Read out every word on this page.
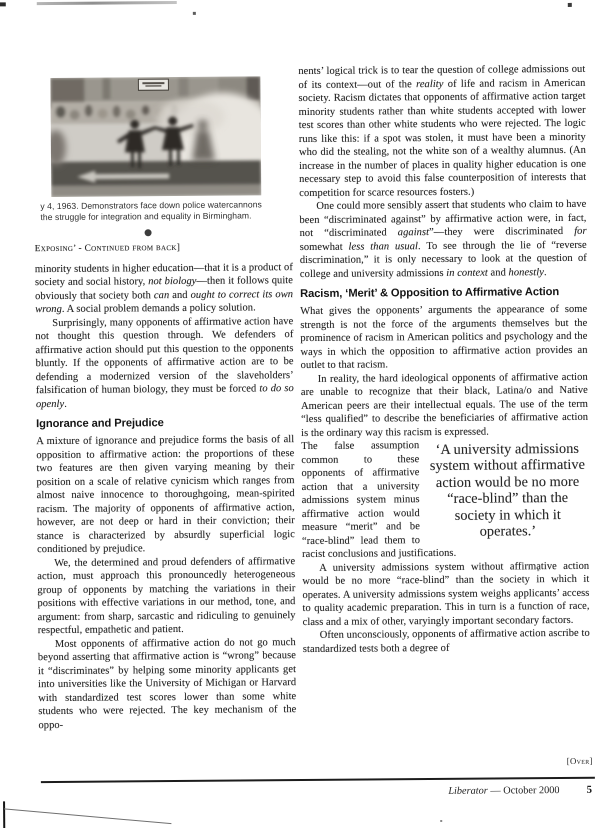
y 4, 1963. Demonstrators face down police watercannons
the struggle for integration and equality in Birmingham.
Exposing’ - Continued from back]

minority students in higher education—that it is a product of society and social history, not biology—then it follows quite obviously that society both can and ought to correct its own wrong. A social problem demands a policy solution.

Surprisingly, many opponents of affirmative action have not thought this question through. We defenders of affirmative action should put this question to the opponents bluntly. If the opponents of affirmative action are to be defending a modernized version of the slaveholders’ falsification of human biology, they must be forced to do so openly.

Ignorance and Prejudice

A mixture of ignorance and prejudice forms the basis of all opposition to affirmative action: the proportions of these two features are then given varying meaning by their position on a scale of relative cynicism which ranges from almost naive innocence to thoroughgoing, mean-spirited racism. The majority of opponents of affirmative action, however, are not deep or hard in their conviction; their stance is characterized by absurdly superficial logic conditioned by prejudice.

We, the determined and proud defenders of affirmative action, must approach this pronouncedly heterogeneous group of opponents by matching the variations in their positions with effective variations in our method, tone, and argument: from sharp, sarcastic and ridiculing to genuinely respectful, empathetic and patient.

Most opponents of affirmative action do not go much beyond asserting that affirmative action is “wrong” because it “discriminates” by helping some minority applicants get into universities like the University of Michigan or Harvard with standardized test scores lower than some white students who were rejected. The key mechanism of the oppo-

nents’ logical trick is to tear the question of college admissions out of its context—out of the reality of life and racism in American society. Racism dictates that opponents of affirmative action target minority students rather than white students accepted with lower test scores than other white students who were rejected. The logic runs like this: if a spot was stolen, it must have been a minority who did the stealing, not the white son of a wealthy alumnus. (An increase in the number of places in quality higher education is one necessary step to avoid this false counterposition of interests that competition for scarce resources fosters.)

One could more sensibly assert that students who claim to have been “discriminated against” by affirmative action were, in fact, not “discriminated against”—they were discriminated for somewhat less than usual. To see through the lie of “reverse discrimination,” it is only necessary to look at the question of college and university admissions in context and honestly.

Racism, ‘Merit’ & Opposition to Affirmative Action

What gives the opponents’ arguments the appearance of some strength is not the force of the arguments themselves but the prominence of racism in American politics and psychology and the ways in which the opposition to affirmative action provides an outlet to that racism.

In reality, the hard ideological opponents of affirmative action are unable to recognize that their black, Latina/o and Native American peers are their intellectual equals. The use of the term “less qualified” to describe the beneficiaries of affirmative action is the ordinary way this racism is expressed.

‘A university admissions system without affirmative action would be no more “race-blind” than the society in which it operates.’

The false assumption common to these opponents of affirmative action that a university admissions system minus affirmative action would measure “merit” and be “race-blind” lead them to racist conclusions and justifications.

A university admissions system without affirmative action would be no more “race-blind” than the society in which it operates. A university admissions system weighs applicants’ access to quality academic preparation. This in turn is a function of race, class and a mix of other, varyingly important secondary factors.

Often unconsciously, opponents of affirmative action ascribe to standardized tests both a degree of

[Over]
Liberator — October 2000 5
